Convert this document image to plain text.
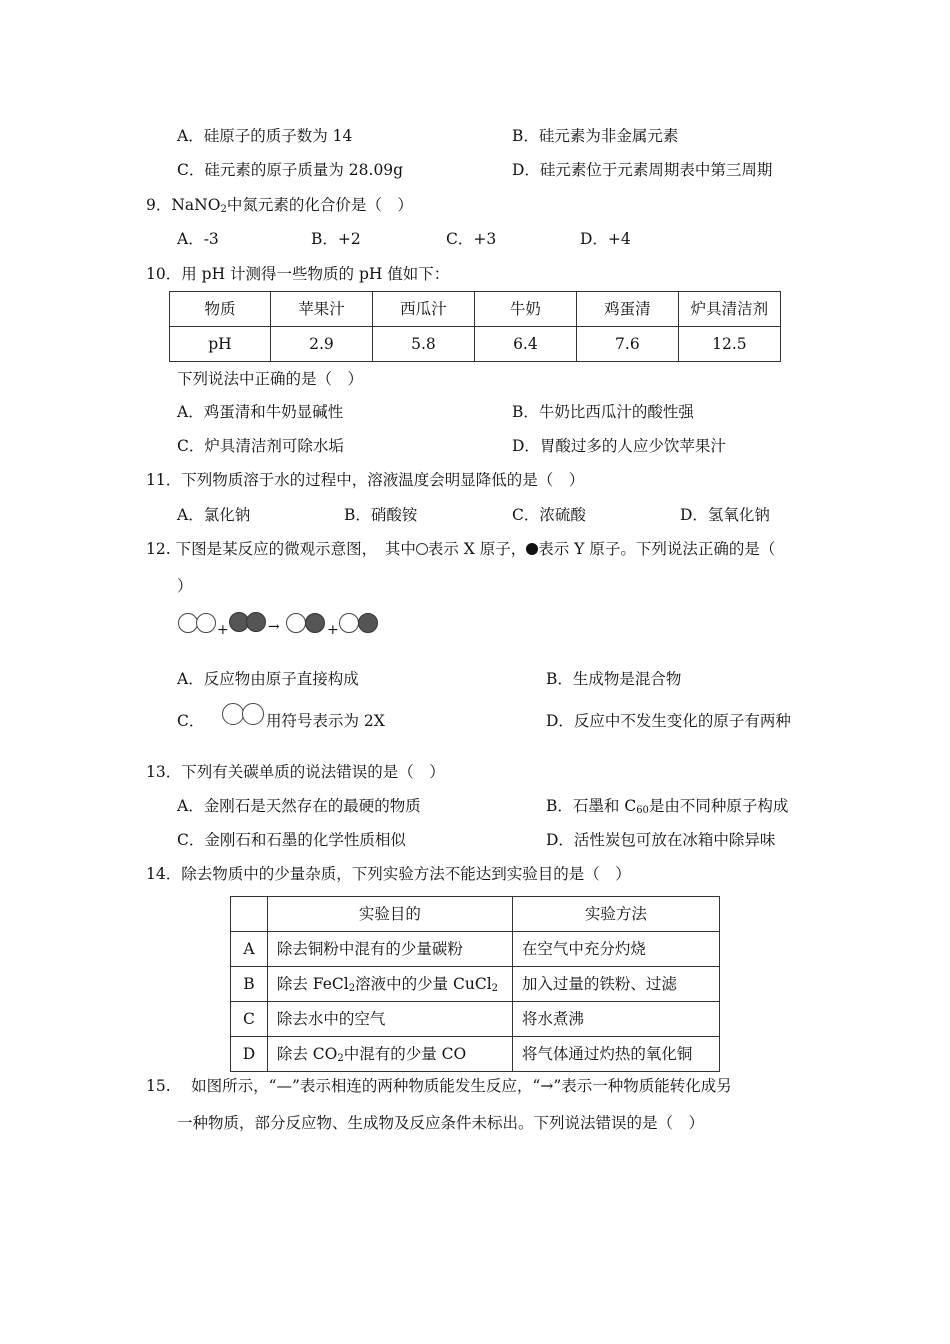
A．硅原子的质子数为 14	B．硅元素为非金属元素
C．硅元素的原子质量为 28.09g	D．硅元素位于元素周期表中第三周期
9．NaNO$_2$中氮元素的化合价是（　）
A．-3	B．+2	C．+3	D．+4
10．用 pH 计测得一些物质的 pH 值如下：
物质	苹果汁	西瓜汁	牛奶	鸡蛋清	炉具清洁剂
pH	2.9	5.8	6.4	7.6	12.5
下列说法中正确的是（　）
A．鸡蛋清和牛奶显碱性	B．牛奶比西瓜汁的酸性强
C．炉具清洁剂可除水垢	D．胃酸过多的人应少饮苹果汁
11．下列物质溶于水的过程中，溶液温度会明显降低的是（　）
A．氯化钠	B．硝酸铵	C．浓硫酸	D．氢氧化钠
12. 下图是某反应的微观示意图，　其中 表示 X 原子， 表示 Y 原子。下列说法正确的是（
）
+	→	+
A．反应物由原子直接构成	B．生成物是混合物
C．	用符号表示为 2X	D．反应中不发生变化的原子有两种
13．下列有关碳单质的说法错误的是（　）
A．金刚石是天然存在的最硬的物质	B．石墨和 $C_{60}$是由不同种原子构成
C．金刚石和石墨的化学性质相似	D．活性炭包可放在冰箱中除异味
14．除去物质中的少量杂质，下列实验方法不能达到实验目的是（　）
	实验目的	实验方法
A	除去铜粉中混有的少量碳粉	在空气中充分灼烧
B	除去 FeCl$_2$溶液中的少量 CuCl$_2$	加入过量的铁粉、过滤
C	除去水中的空气	将水煮沸
D	除去 $CO_2$中混有的少量 CO	将气体通过灼热的氧化铜
15.　 如图所示，“—”表示相连的两种物质能发生反应，“→”表示一种物质能转化成另
一种物质，部分反应物、生成物及反应条件未标出。下列说法错误的是（　）
